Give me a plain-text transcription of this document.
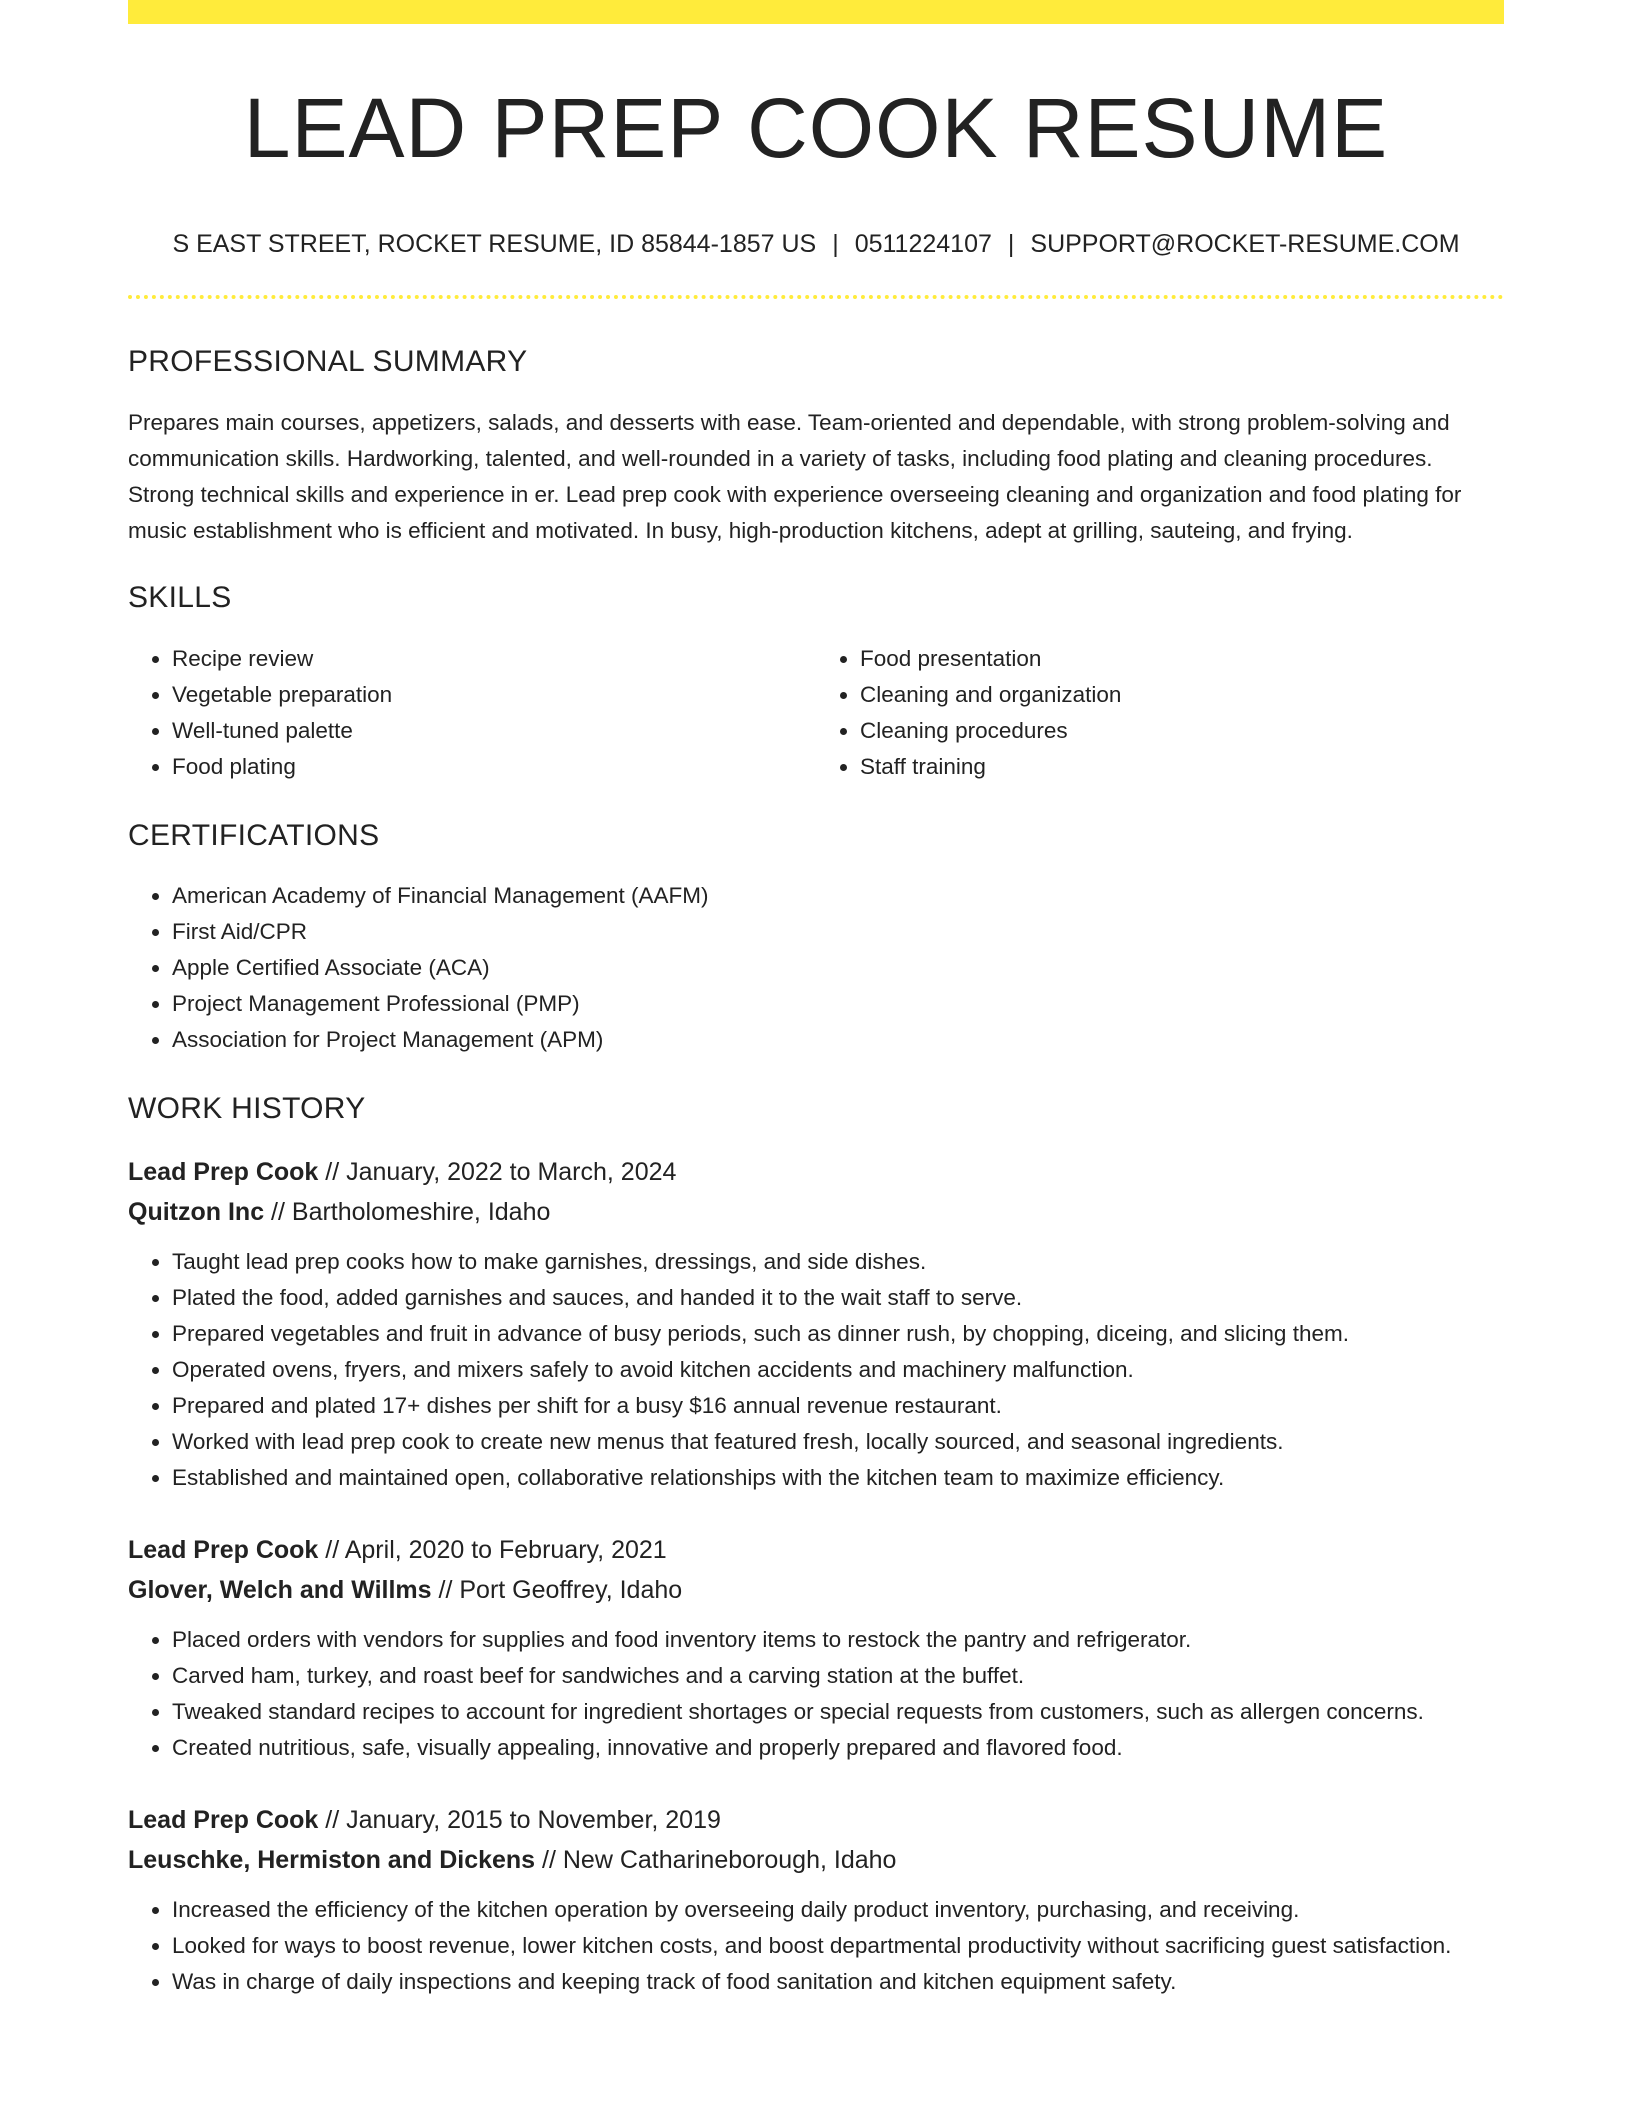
LEAD PREP COOK RESUME
S EAST STREET, ROCKET RESUME, ID 85844-1857 US | 0511224107 | SUPPORT@ROCKET-RESUME.COM
PROFESSIONAL SUMMARY

Prepares main courses, appetizers, salads, and desserts with ease. Team-oriented and dependable, with strong problem-solving and communication skills. Hardworking, talented, and well-rounded in a variety of tasks, including food plating and cleaning procedures. Strong technical skills and experience in er. Lead prep cook with experience overseeing cleaning and organization and food plating for music establishment who is efficient and motivated. In busy, high-production kitchens, adept at grilling, sauteing, and frying.

SKILLS
• Recipe review
• Vegetable preparation
• Well-tuned palette
• Food plating
• Food presentation
• Cleaning and organization
• Cleaning procedures
• Staff training
CERTIFICATIONS
• American Academy of Financial Management (AAFM)
• First Aid/CPR
• Apple Certified Associate (ACA)
• Project Management Professional (PMP)
• Association for Project Management (APM)
WORK HISTORY
Lead Prep Cook // January, 2022 to March, 2024
Quitzon Inc // Bartholomeshire, Idaho
• Taught lead prep cooks how to make garnishes, dressings, and side dishes.
• Plated the food, added garnishes and sauces, and handed it to the wait staff to serve.
• Prepared vegetables and fruit in advance of busy periods, such as dinner rush, by chopping, diceing, and slicing them.
• Operated ovens, fryers, and mixers safely to avoid kitchen accidents and machinery malfunction.
• Prepared and plated 17+ dishes per shift for a busy $16 annual revenue restaurant.
• Worked with lead prep cook to create new menus that featured fresh, locally sourced, and seasonal ingredients.
• Established and maintained open, collaborative relationships with the kitchen team to maximize efficiency.
Lead Prep Cook // April, 2020 to February, 2021
Glover, Welch and Willms // Port Geoffrey, Idaho
• Placed orders with vendors for supplies and food inventory items to restock the pantry and refrigerator.
• Carved ham, turkey, and roast beef for sandwiches and a carving station at the buffet.
• Tweaked standard recipes to account for ingredient shortages or special requests from customers, such as allergen concerns.
• Created nutritious, safe, visually appealing, innovative and properly prepared and flavored food.
Lead Prep Cook // January, 2015 to November, 2019
Leuschke, Hermiston and Dickens // New Catharineborough, Idaho
• Increased the efficiency of the kitchen operation by overseeing daily product inventory, purchasing, and receiving.
• Looked for ways to boost revenue, lower kitchen costs, and boost departmental productivity without sacrificing guest satisfaction.
• Was in charge of daily inspections and keeping track of food sanitation and kitchen equipment safety.
